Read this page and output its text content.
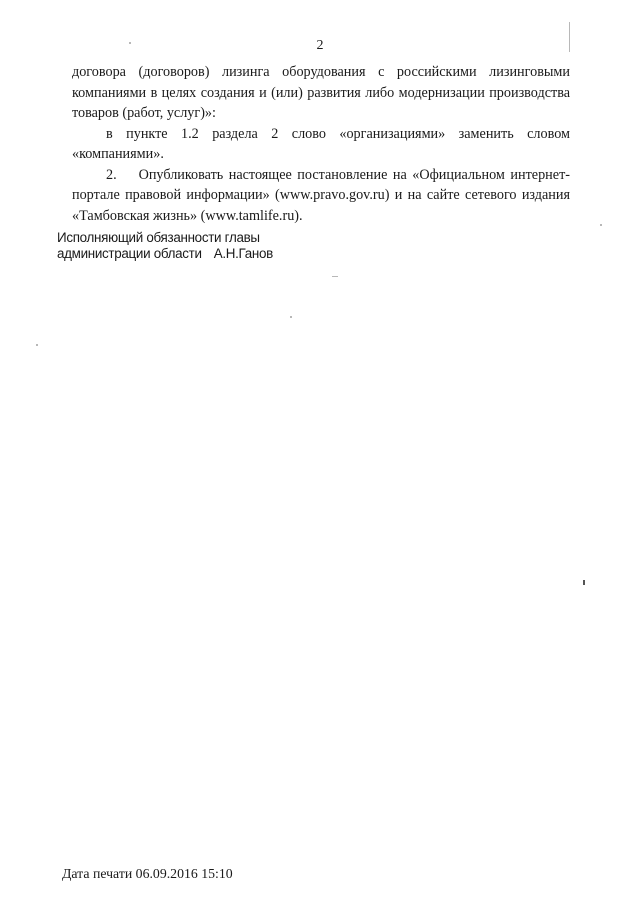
2

договора (договоров) лизинга оборудования с российскими лизинговыми компаниями в целях создания и (или) развития либо модернизации производства товаров (работ, услуг)»:

в пункте 1.2 раздела 2 слово «организациями» заменить словом «компаниями».

2.    Опубликовать настоящее постановление на «Официальном интернет-портале правовой информации» (www.pravo.gov.ru) и на сайте сетевого издания «Тамбовская жизнь» (www.tamlife.ru).

Исполняющий обязанности главы
администрации области А.Н.Ганов
Дата печати 06.09.2016 15:10
